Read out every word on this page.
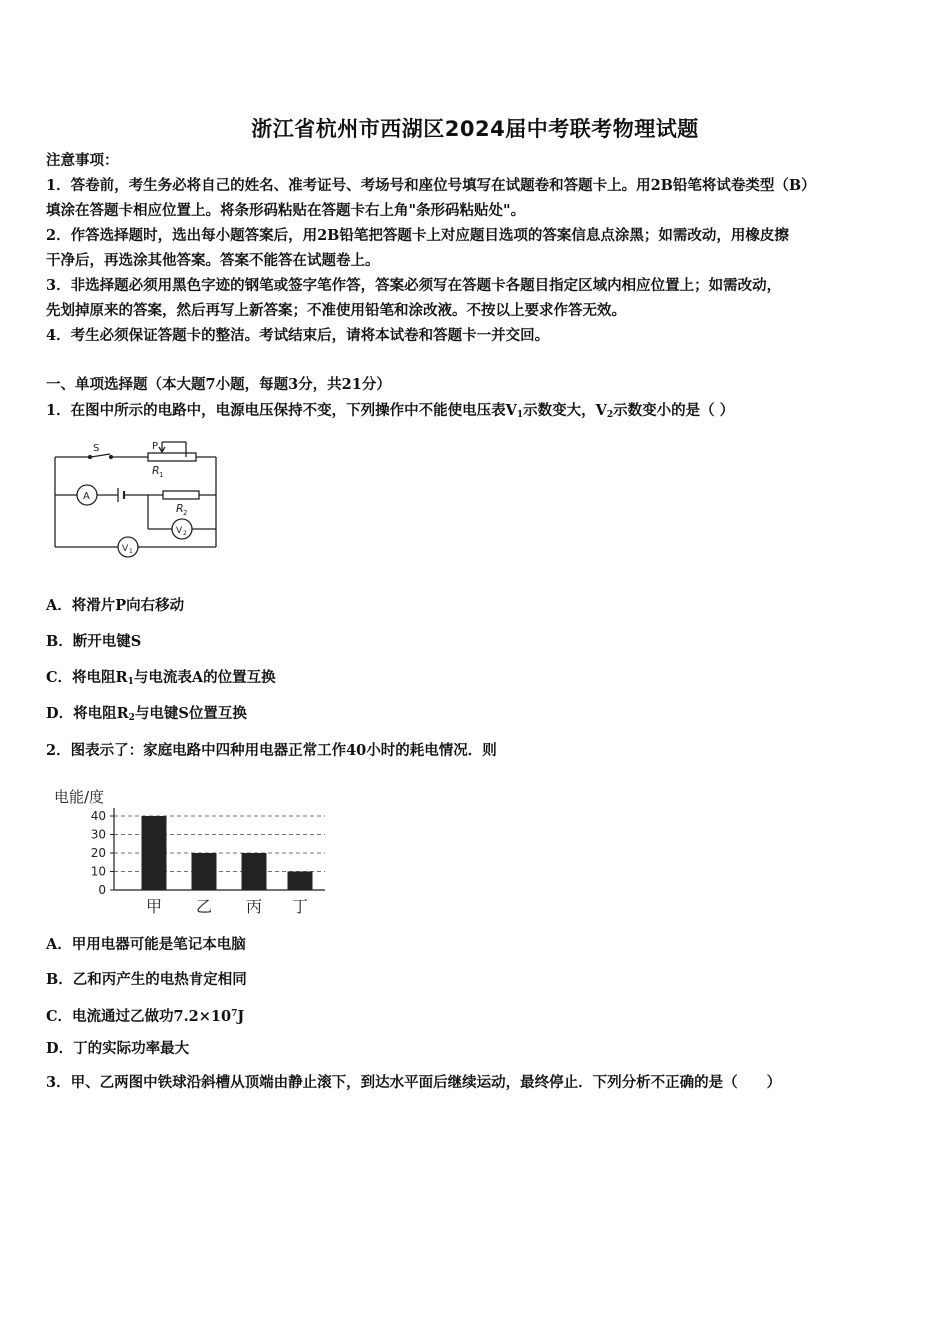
浙江省杭州市西湖区2024届中考联考物理试题
注意事项：
1．答卷前，考生务必将自己的姓名、准考证号、考场号和座位号填写在试题卷和答题卡上。用2B铅笔将试卷类型（B）
填涂在答题卡相应位置上。将条形码粘贴在答题卡右上角"条形码粘贴处"。
2．作答选择题时，选出每小题答案后，用2B铅笔把答题卡上对应题目选项的答案信息点涂黑；如需改动，用橡皮擦
干净后，再选涂其他答案。答案不能答在试题卷上。
3．非选择题必须用黑色字迹的钢笔或签字笔作答，答案必须写在答题卡各题目指定区域内相应位置上；如需改动，
先划掉原来的答案，然后再写上新答案；不准使用铅笔和涂改液。不按以上要求作答无效。
4．考生必须保证答题卡的整洁。考试结束后，请将本试卷和答题卡一并交回。
一、单项选择题（本大题7小题，每题3分，共21分）
1．在图中所示的电路中，电源电压保持不变，下列操作中不能使电压表$V_1$示数变大，$V_2$示数变小的是（ ）
S	P
R 1
R 2
A
V 2
V 1
A．将滑片P向右移动
B．断开电键S
C．将电阻$R_1$与电流表A的位置互换
D．将电阻$R_2$与电键S位置互换
2．图表示了：家庭电路中四种用电器正常工作40小时的耗电情况．则
电能/度
0
10
20
30
40
甲 乙 丙 丁
A．甲用电器可能是笔记本电脑
B．乙和丙产生的电热肯定相同
C．电流通过乙做功$7.2\times 10^7J$
D．丁的实际功率最大
3．甲、乙两图中铁球沿斜槽从顶端由静止滚下，到达水平面后继续运动，最终停止．下列分析不正确的是（　　）
